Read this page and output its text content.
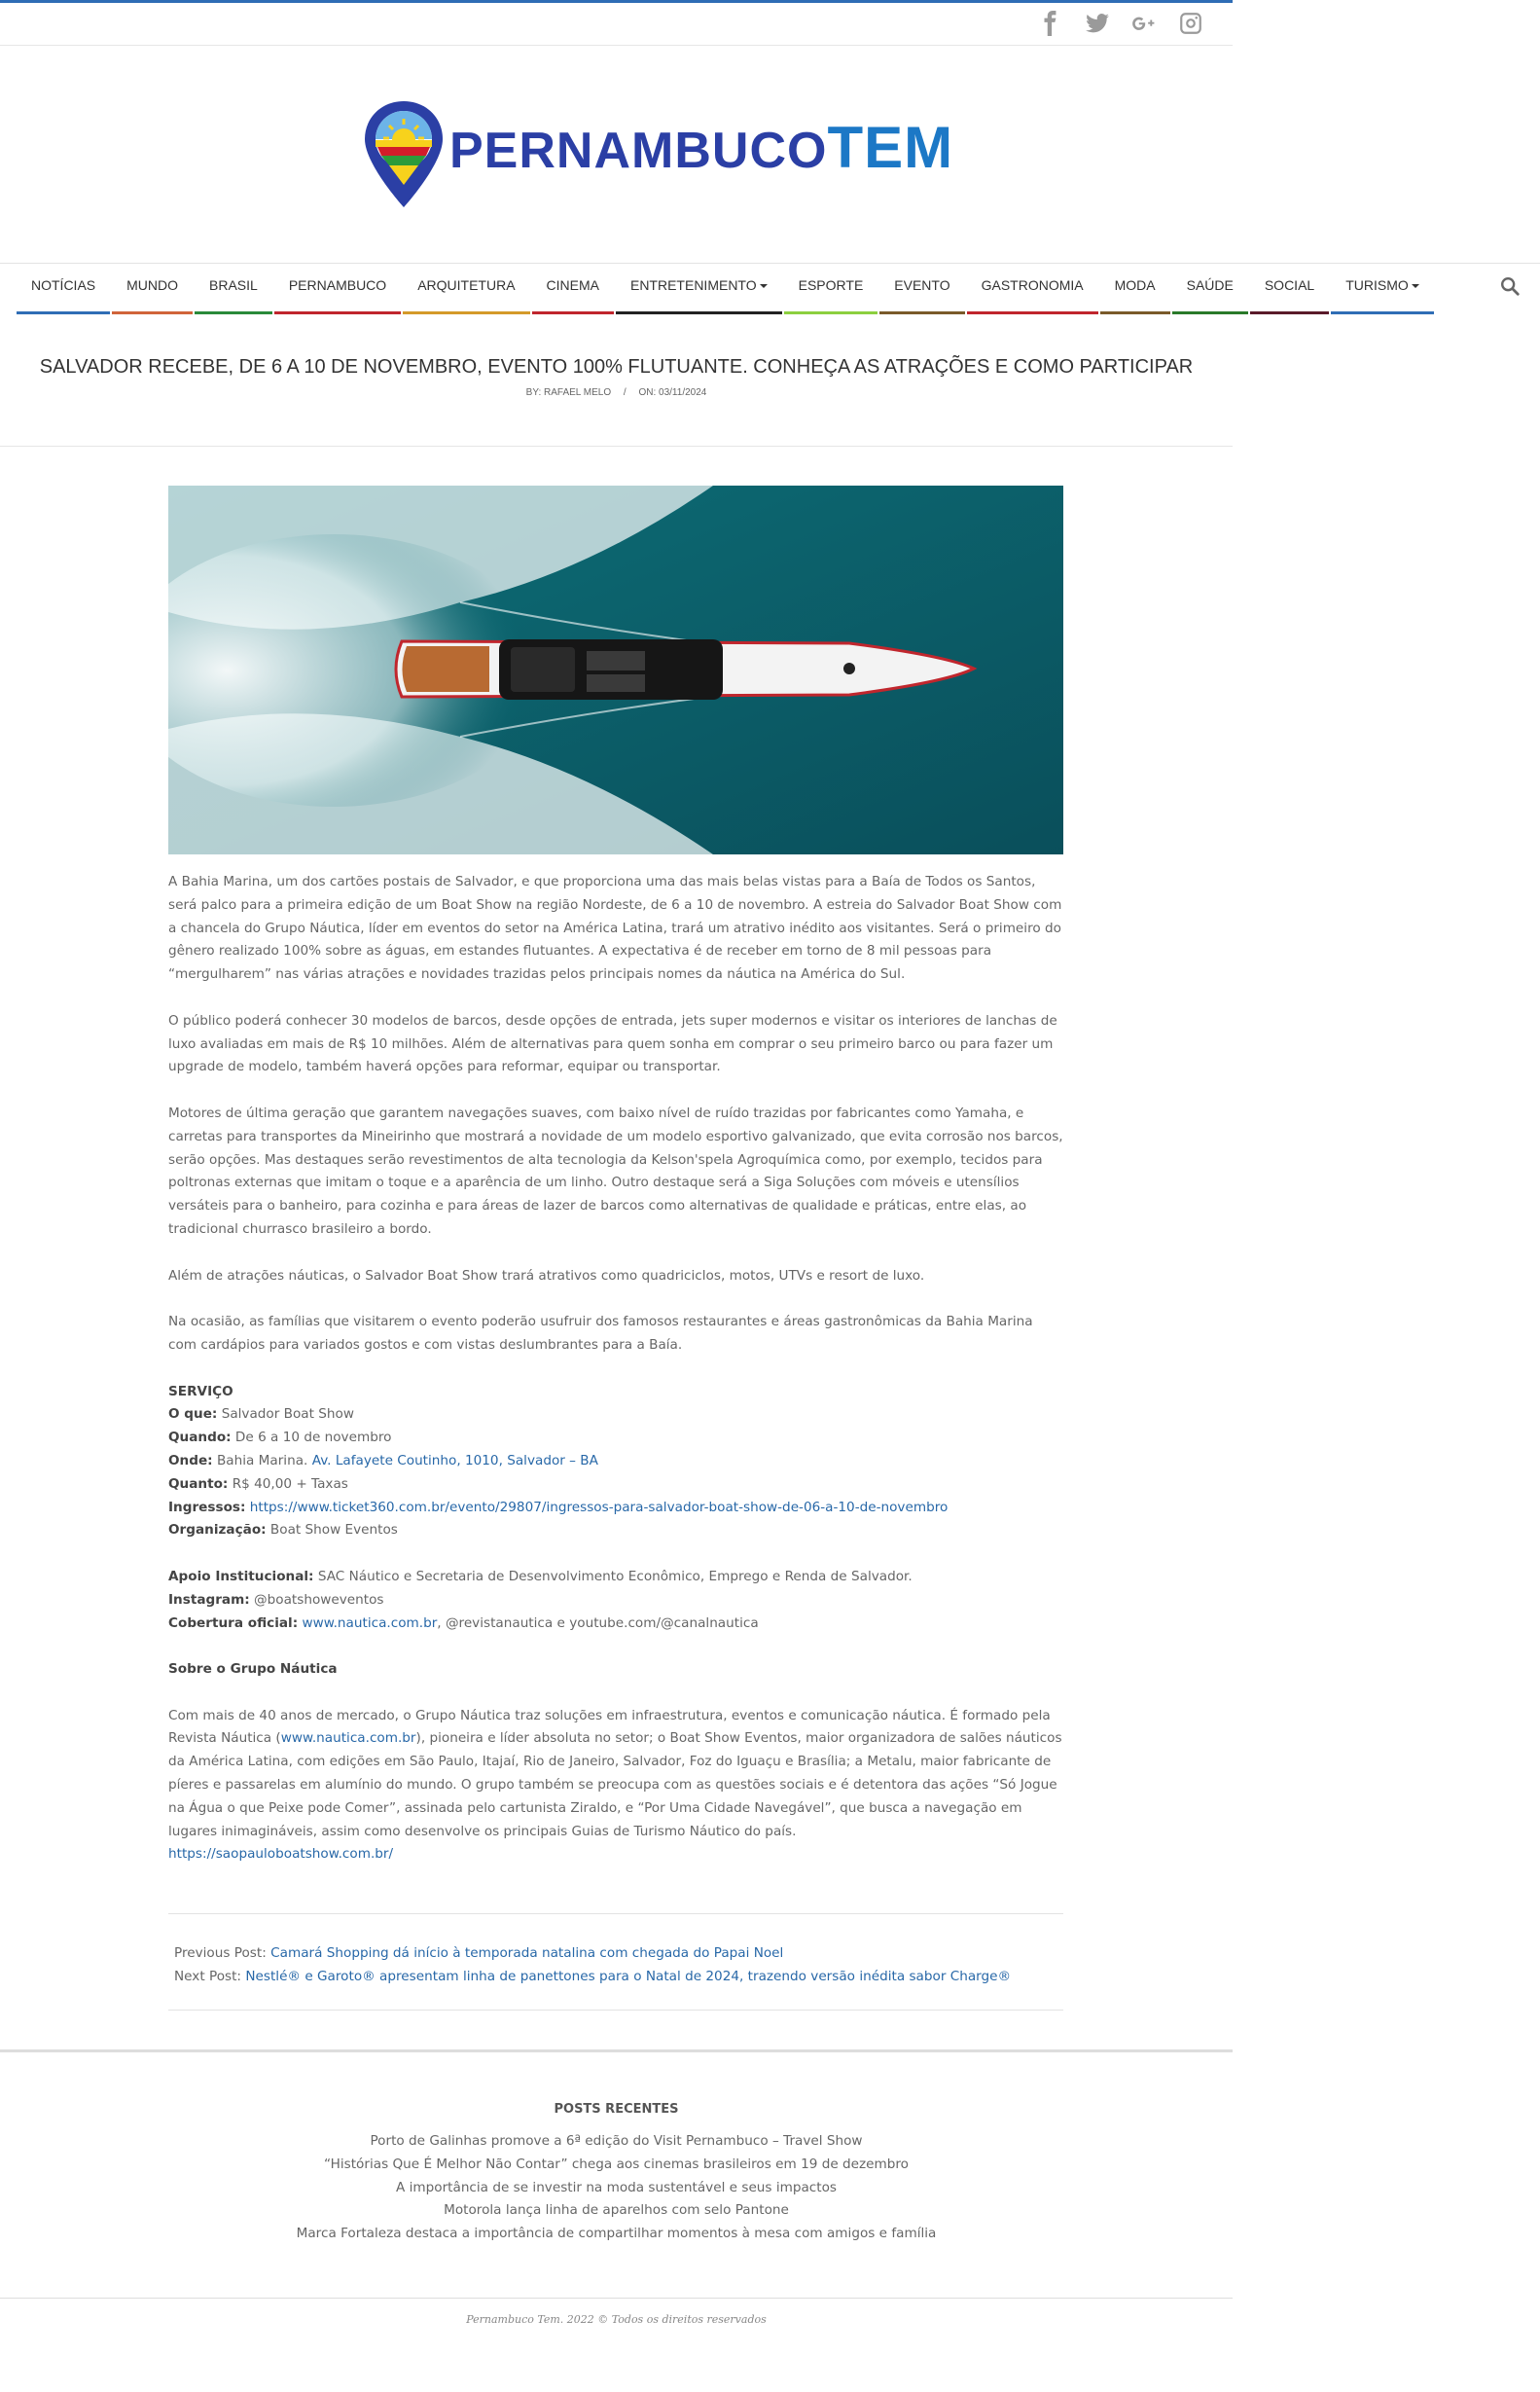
PERNAMBUCOTEM
NOTÍCIAS	MUNDO	BRASIL	PERNAMBUCO	ARQUITETURA	CINEMA	ENTRETENIMENTO	ESPORTE	EVENTO	GASTRONOMIA	MODA	SAÚDE	SOCIAL	TURISMO
SALVADOR RECEBE, DE 6 A 10 DE NOVEMBRO, EVENTO 100% FLUTUANTE. CONHEÇA AS ATRAÇÕES E COMO PARTICIPAR
BY: RAFAEL MELO / ON: 03/11/2024

A Bahia Marina, um dos cartões postais de Salvador, e que proporciona uma das mais belas vistas para a Baía de Todos os Santos, será palco para a primeira edição de um Boat Show na região Nordeste, de 6 a 10 de novembro. A estreia do Salvador Boat Show com a chancela do Grupo Náutica, líder em eventos do setor na América Latina, trará um atrativo inédito aos visitantes. Será o primeiro do gênero realizado 100% sobre as águas, em estandes flutuantes. A expectativa é de receber em torno de 8 mil pessoas para “mergulharem” nas várias atrações e novidades trazidas pelos principais nomes da náutica na América do Sul.

O público poderá conhecer 30 modelos de barcos, desde opções de entrada, jets super modernos e visitar os interiores de lanchas de luxo avaliadas em mais de R$ 10 milhões. Além de alternativas para quem sonha em comprar o seu primeiro barco ou para fazer um upgrade de modelo, também haverá opções para reformar, equipar ou transportar.

Motores de última geração que garantem navegações suaves, com baixo nível de ruído trazidas por fabricantes como Yamaha, e carretas para transportes da Mineirinho que mostrará a novidade de um modelo esportivo galvanizado, que evita corrosão nos barcos, serão opções. Mas destaques serão revestimentos de alta tecnologia da Kelson'spela Agroquímica como, por exemplo, tecidos para poltronas externas que imitam o toque e a aparência de um linho. Outro destaque será a Siga Soluções com móveis e utensílios versáteis para o banheiro, para cozinha e para áreas de lazer de barcos como alternativas de qualidade e práticas, entre elas, ao tradicional churrasco brasileiro a bordo.

Além de atrações náuticas, o Salvador Boat Show trará atrativos como quadriciclos, motos, UTVs e resort de luxo.

Na ocasião, as famílias que visitarem o evento poderão usufruir dos famosos restaurantes e áreas gastronômicas da Bahia Marina com cardápios para variados gostos e com vistas deslumbrantes para a Baía.

SERVIÇO
O que: Salvador Boat Show
Quando: De 6 a 10 de novembro
Onde: Bahia Marina. Av. Lafayete Coutinho, 1010, Salvador – BA
Quanto: R$ 40,00 + Taxas
Ingressos: https://www.ticket360.com.br/evento/29807/ingressos-para-salvador-boat-show-de-06-a-10-de-novembro
Organização: Boat Show Eventos

Apoio Institucional: SAC Náutico e Secretaria de Desenvolvimento Econômico, Emprego e Renda de Salvador.
Instagram: @boatshoweventos
Cobertura oficial: www.nautica.com.br, @revistanautica e youtube.com/@canalnautica

Sobre o Grupo Náutica

Com mais de 40 anos de mercado, o Grupo Náutica traz soluções em infraestrutura, eventos e comunicação náutica. É formado pela Revista Náutica (www.nautica.com.br), pioneira e líder absoluta no setor; o Boat Show Eventos, maior organizadora de salões náuticos da América Latina, com edições em São Paulo, Itajaí, Rio de Janeiro, Salvador, Foz do Iguaçu e Brasília; a Metalu, maior fabricante de píeres e passarelas em alumínio do mundo. O grupo também se preocupa com as questões sociais e é detentora das ações “Só Jogue na Água o que Peixe pode Comer”, assinada pelo cartunista Ziraldo, e “Por Uma Cidade Navegável”, que busca a navegação em lugares inimagináveis, assim como desenvolve os principais Guias de Turismo Náutico do país.
https://saopauloboatshow.com.br/

Previous Post: Camará Shopping dá início à temporada natalina com chegada do Papai Noel
Next Post: Nestlé® e Garoto® apresentam linha de panettones para o Natal de 2024, trazendo versão inédita sabor Charge®
POSTS RECENTES
Porto de Galinhas promove a 6ª edição do Visit Pernambuco – Travel Show
“Histórias Que É Melhor Não Contar” chega aos cinemas brasileiros em 19 de dezembro
A importância de se investir na moda sustentável e seus impactos
Motorola lança linha de aparelhos com selo Pantone
Marca Fortaleza destaca a importância de compartilhar momentos à mesa com amigos e família
Pernambuco Tem. 2022 © Todos os direitos reservados
